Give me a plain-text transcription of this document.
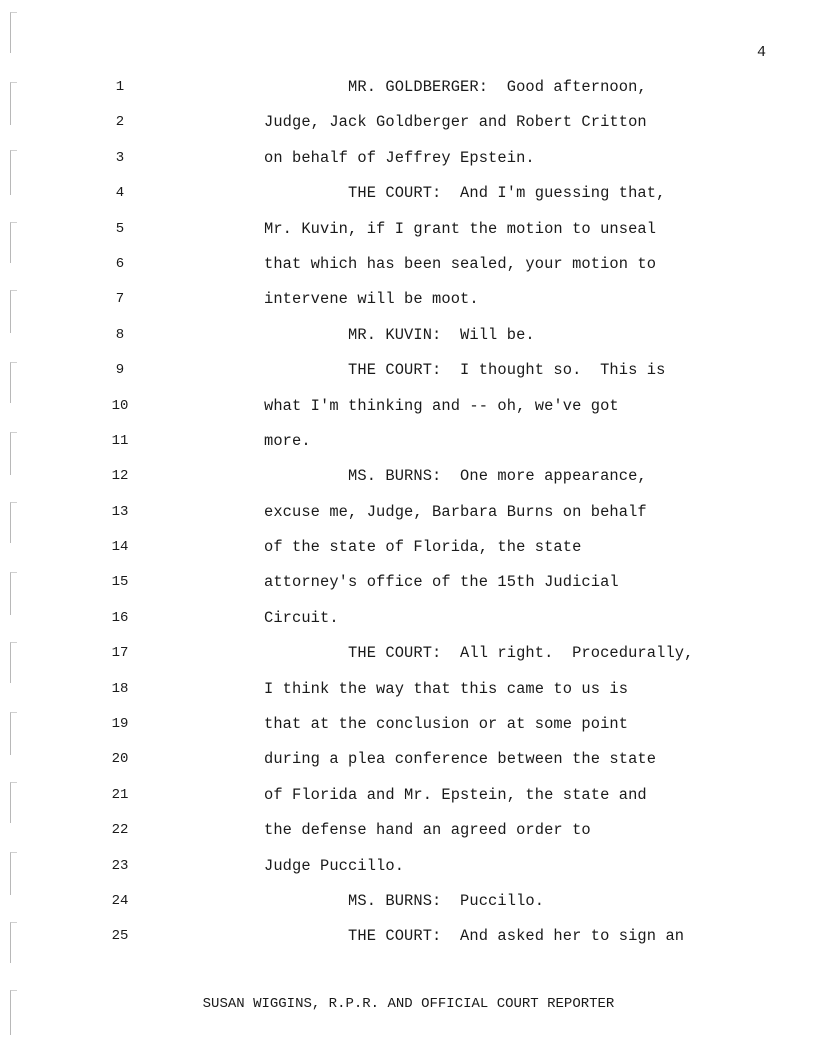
4
1	MR. GOLDBERGER:  Good afternoon,
2	Judge, Jack Goldberger and Robert Critton
3	on behalf of Jeffrey Epstein.
4	THE COURT:  And I'm guessing that,
5	Mr. Kuvin, if I grant the motion to unseal
6	that which has been sealed, your motion to
7	intervene will be moot.
8	MR. KUVIN:  Will be.
9	THE COURT:  I thought so.  This is
10	what I'm thinking and -- oh, we've got
11	more.
12	MS. BURNS:  One more appearance,
13	excuse me, Judge, Barbara Burns on behalf
14	of the state of Florida, the state
15	attorney's office of the 15th Judicial
16	Circuit.
17	THE COURT:  All right.  Procedurally,
18	I think the way that this came to us is
19	that at the conclusion or at some point
20	during a plea conference between the state
21	of Florida and Mr. Epstein, the state and
22	the defense hand an agreed order to
23	Judge Puccillo.
24	MS. BURNS:  Puccillo.
25	THE COURT:  And asked her to sign an
SUSAN WIGGINS, R.P.R. AND OFFICIAL COURT REPORTER
